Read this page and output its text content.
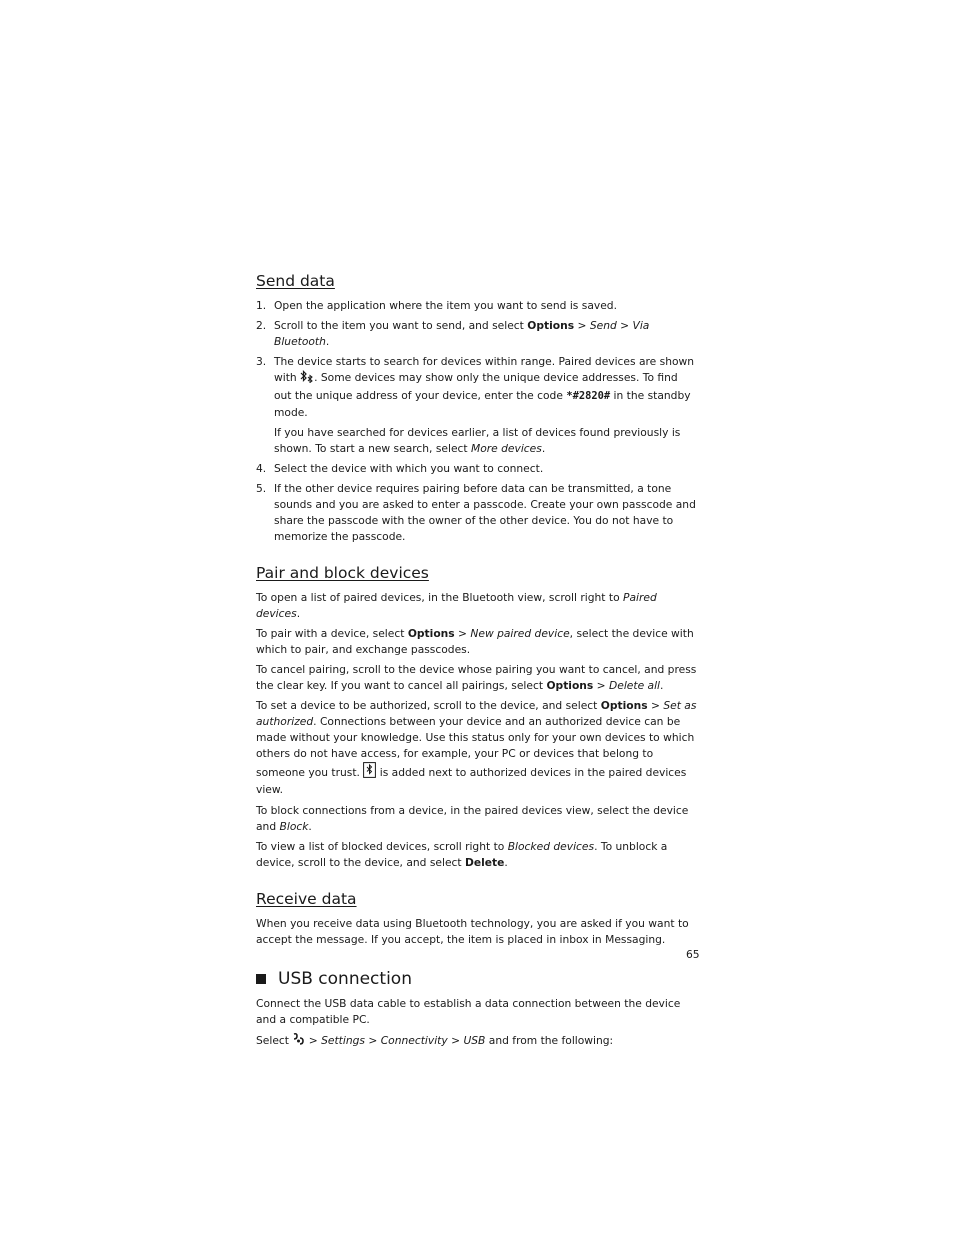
Send data
1. Open the application where the item you want to send is saved.
2. Scroll to the item you want to send, and select Options > Send > Via Bluetooth.
3. The device starts to search for devices within range. Paired devices are shown with . Some devices may show only the unique device addresses. To find out the unique address of your device, enter the code *#2820# in the standby mode.

If you have searched for devices earlier, a list of devices found previously is shown. To start a new search, select More devices.

4. Select the device with which you want to connect.
5. If the other device requires pairing before data can be transmitted, a tone sounds and you are asked to enter a passcode. Create your own passcode and share the passcode with the owner of the other device. You do not have to memorize the passcode.
Pair and block devices

To open a list of paired devices, in the Bluetooth view, scroll right to Paired devices.

To pair with a device, select Options > New paired device, select the device with which to pair, and exchange passcodes.

To cancel pairing, scroll to the device whose pairing you want to cancel, and press the clear key. If you want to cancel all pairings, select Options > Delete all.

To set a device to be authorized, scroll to the device, and select Options > Set as authorized. Connections between your device and an authorized device can be made without your knowledge. Use this status only for your own devices to which others do not have access, for example, your PC or devices that belong to someone you trust.  is added next to authorized devices in the paired devices view.

To block connections from a device, in the paired devices view, select the device and Block.

To view a list of blocked devices, scroll right to Blocked devices. To unblock a device, scroll to the device, and select Delete.

Receive data

When you receive data using Bluetooth technology, you are asked if you want to accept the message. If you accept, the item is placed in inbox in Messaging.

USB connection

Connect the USB data cable to establish a data connection between the device and a compatible PC.

Select  > Settings > Connectivity > USB and from the following:

65
